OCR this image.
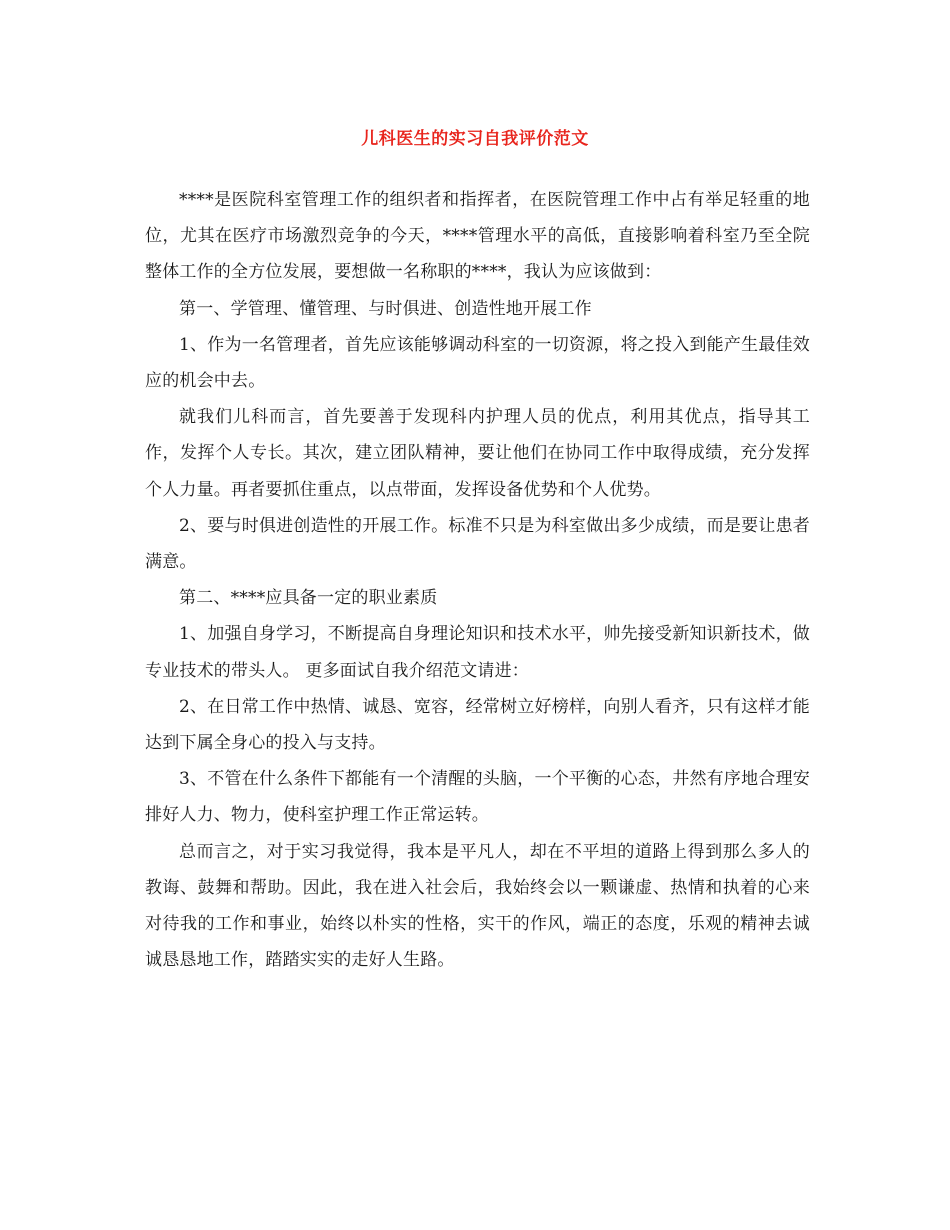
儿科医生的实习自我评价范文

****是医院科室管理工作的组织者和指挥者，在医院管理工作中占有举足轻重的地位，尤其在医疗市场激烈竞争的今天，****管理水平的高低，直接影响着科室乃至全院整体工作的全方位发展，要想做一名称职的****，我认为应该做到：

第一、学管理、懂管理、与时俱进、创造性地开展工作

1、作为一名管理者，首先应该能够调动科室的一切资源，将之投入到能产生最佳效应的机会中去。

就我们儿科而言，首先要善于发现科内护理人员的优点，利用其优点，指导其工作，发挥个人专长。其次，建立团队精神，要让他们在协同工作中取得成绩，充分发挥个人力量。再者要抓住重点，以点带面，发挥设备优势和个人优势。

2、要与时俱进创造性的开展工作。标准不只是为科室做出多少成绩，而是要让患者满意。

第二、****应具备一定的职业素质

1、加强自身学习，不断提高自身理论知识和技术水平，帅先接受新知识新技术，做专业技术的带头人。 更多面试自我介绍范文请进：

2、在日常工作中热情、诚恳、宽容，经常树立好榜样，向别人看齐，只有这样才能达到下属全身心的投入与支持。

3、不管在什么条件下都能有一个清醒的头脑，一个平衡的心态，井然有序地合理安排好人力、物力，使科室护理工作正常运转。

总而言之，对于实习我觉得，我本是平凡人，却在不平坦的道路上得到那么多人的教诲、鼓舞和帮助。因此，我在进入社会后，我始终会以一颗谦虚、热情和执着的心来对待我的工作和事业，始终以朴实的性格，实干的作风，端正的态度，乐观的精神去诚诚恳恳地工作，踏踏实实的走好人生路。
